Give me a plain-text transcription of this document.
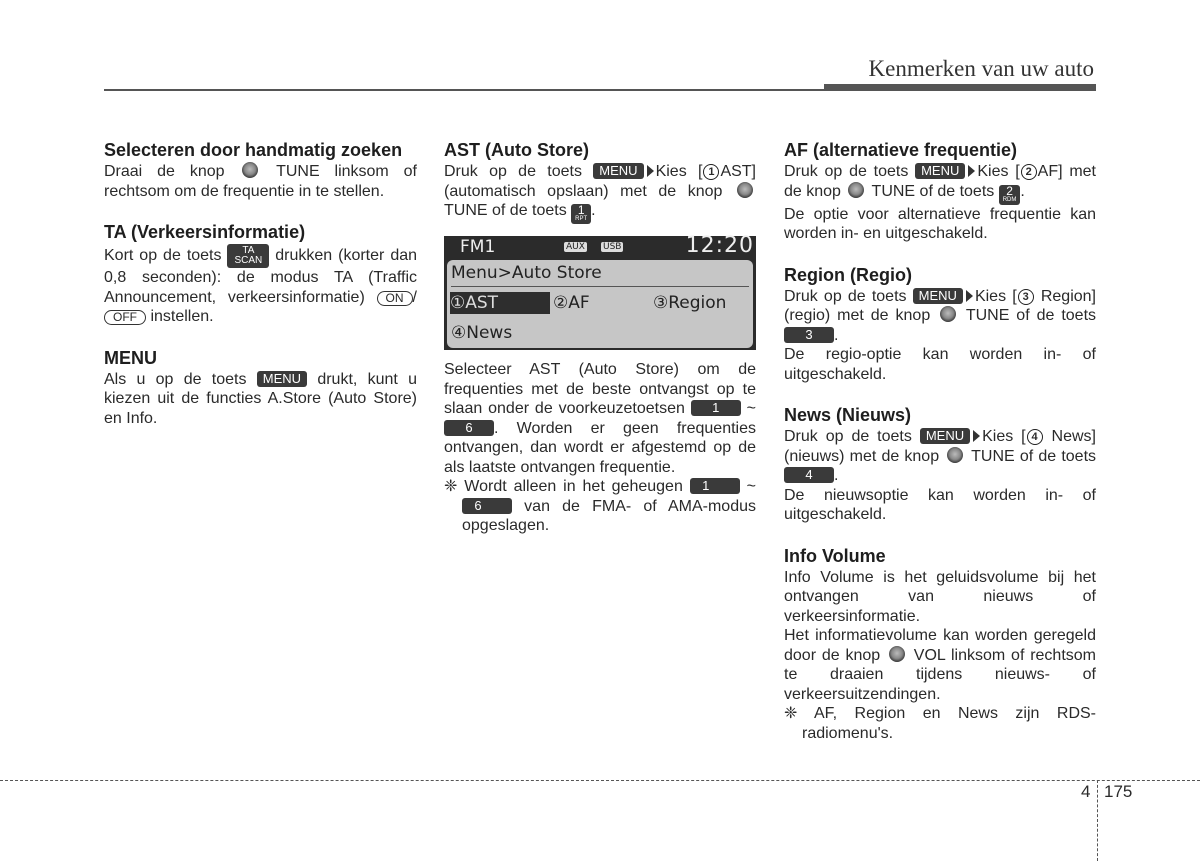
Kenmerken van uw auto
Selecteren door handmatig zoeken

Draai de knop	TUNE linksom of rechtsom om de frequentie in te stellen.

TA (Verkeersinformatie)

Kort op de toets	TA
SCAN drukken (korter dan 0,8 seconden): de modus TA (Traffic Announcement, verkeersinformatie) ON /OFF instellen.

MENU

Als u op de toets MENU drukt, kunt u kiezen uit de functies A.Store (Auto Store) en Info.

AST (Auto Store)

Druk op de toets MENU Kies [ 1 AST] (automatisch opslaan) met de knop  TUNE of de toets 1
RPT .

FM1	AUX USB	12:20
Menu>Auto Store
①AST	②AF	③Region
④News

Selecteer AST (Auto Store) om de frequenties met de beste ontvangst op te slaan onder de voorkeuzetoetsen 1 ~ 6 . Worden er geen frequenties ontvangen, dan wordt er afgestemd op de als laatste ontvangen frequentie.

❈ Wordt alleen in het geheugen 1 ~ 6	van de FMA- of AMA-modus opgeslagen.

AF (alternatieve frequentie)

Druk op de toets MENU Kies [ 2 AF] met de knop TUNE of de toets 2
RDM .

De optie voor alternatieve frequentie kan worden in- en uitgeschakeld.

Region (Regio)

Druk op de toets MENU Kies [ 3 Region] (regio) met de knop TUNE of de toets 3 .

De regio-optie kan worden in- of uitgeschakeld.

News (Nieuws)

Druk op de toets MENU Kies [ 4 News] (nieuws) met de knop TUNE of de toets 4 .

De nieuwsoptie kan worden in- of uitgeschakeld.

Info Volume

Info Volume is het geluidsvolume bij het ontvangen van nieuws of verkeersinformatie.

Het informatievolume kan worden geregeld door de knop VOL linksom of rechtsom te draaien tijdens nieuws- of verkeersuitzendingen.

❈ AF, Region en News zijn RDS-radiomenu's.

4 175
